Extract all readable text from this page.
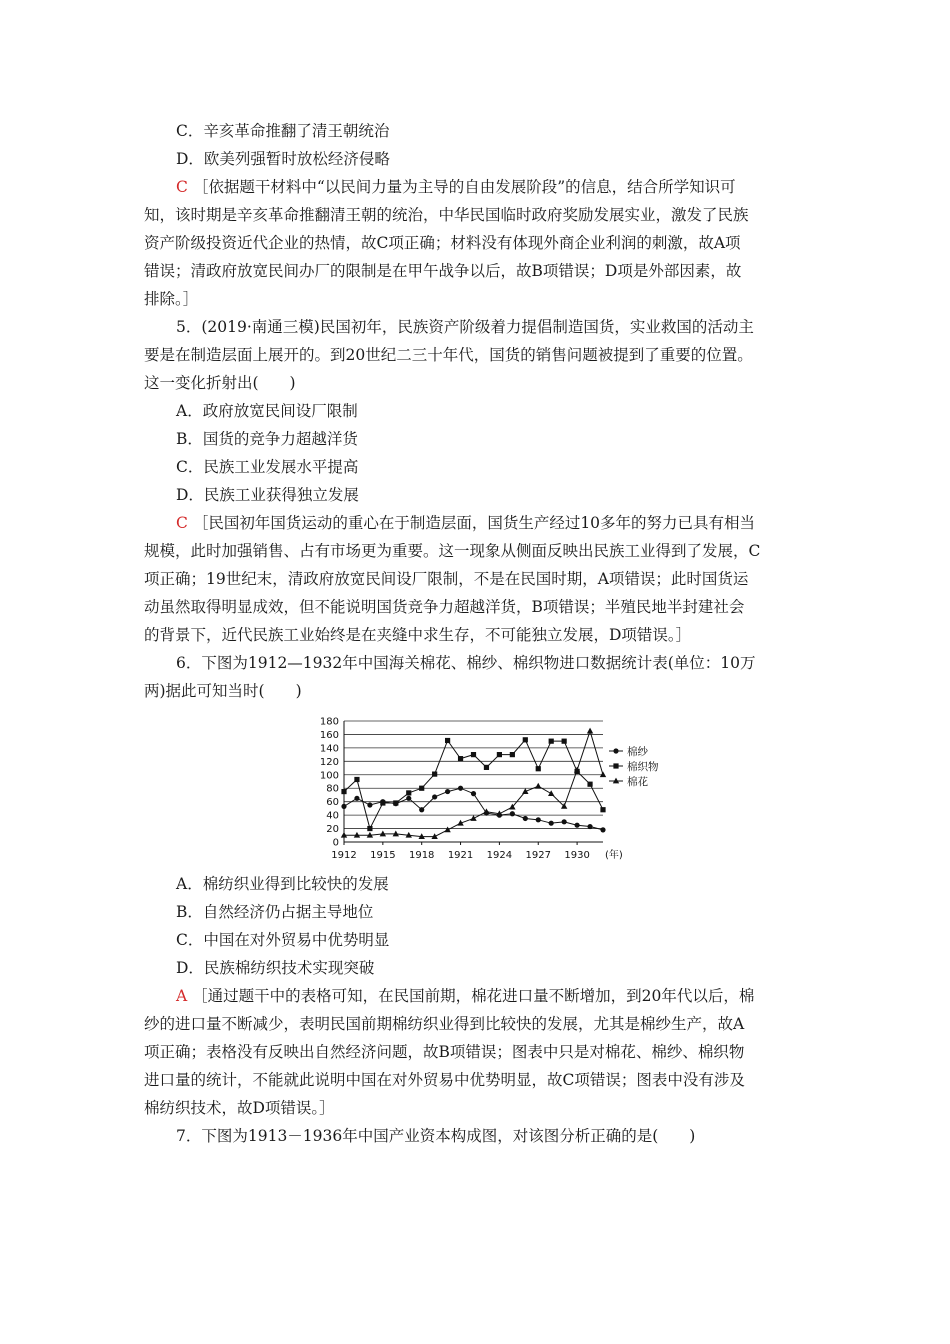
C．辛亥革命推翻了清王朝统治
D．欧美列强暂时放松经济侵略
C ［依据题干材料中“以民间力量为主导的自由发展阶段”的信息，结合所学知识可
知，该时期是辛亥革命推翻清王朝的统治，中华民国临时政府奖励发展实业，激发了民族
资产阶级投资近代企业的热情，故C项正确；材料没有体现外商企业利润的刺激，故A项
错误；清政府放宽民间办厂的限制是在甲午战争以后，故B项错误；D项是外部因素，故
排除。］
5．(2019·南通三模)民国初年，民族资产阶级着力提倡制造国货，实业救国的活动主
要是在制造层面上展开的。到20世纪二三十年代，国货的销售问题被提到了重要的位置。
这一变化折射出(　　)
A．政府放宽民间设厂限制
B．国货的竞争力超越洋货
C．民族工业发展水平提高
D．民族工业获得独立发展
C ［民国初年国货运动的重心在于制造层面，国货生产经过10多年的努力已具有相当
规模，此时加强销售、占有市场更为重要。这一现象从侧面反映出民族工业得到了发展，C
项正确；19世纪末，清政府放宽民间设厂限制，不是在民国时期，A项错误；此时国货运
动虽然取得明显成效，但不能说明国货竞争力超越洋货，B项错误；半殖民地半封建社会
的背景下，近代民族工业始终是在夹缝中求生存，不可能独立发展，D项错误。］
6．下图为1912—1932年中国海关棉花、棉纱、棉织物进口数据统计表(单位：10万
两)据此可知当时(　　)
A．棉纺织业得到比较快的发展
B．自然经济仍占据主导地位
C．中国在对外贸易中优势明显
D．民族棉纺织技术实现突破
A ［通过题干中的表格可知，在民国前期，棉花进口量不断增加，到20年代以后，棉
纱的进口量不断减少，表明民国前期棉纺织业得到比较快的发展，尤其是棉纱生产，故A
项正确；表格没有反映出自然经济问题，故B项错误；图表中只是对棉花、棉纱、棉织物
进口量的统计，不能就此说明中国在对外贸易中优势明显，故C项错误；图表中没有涉及
棉纺织技术，故D项错误。］
7．下图为1913－1936年中国产业资本构成图，对该图分析正确的是(　　)
0
20
40
60
80
100
120
140
160
180
1912 1915 1918 1921 1924 1927 1930 (年)
棉纱
棉织物
棉花
